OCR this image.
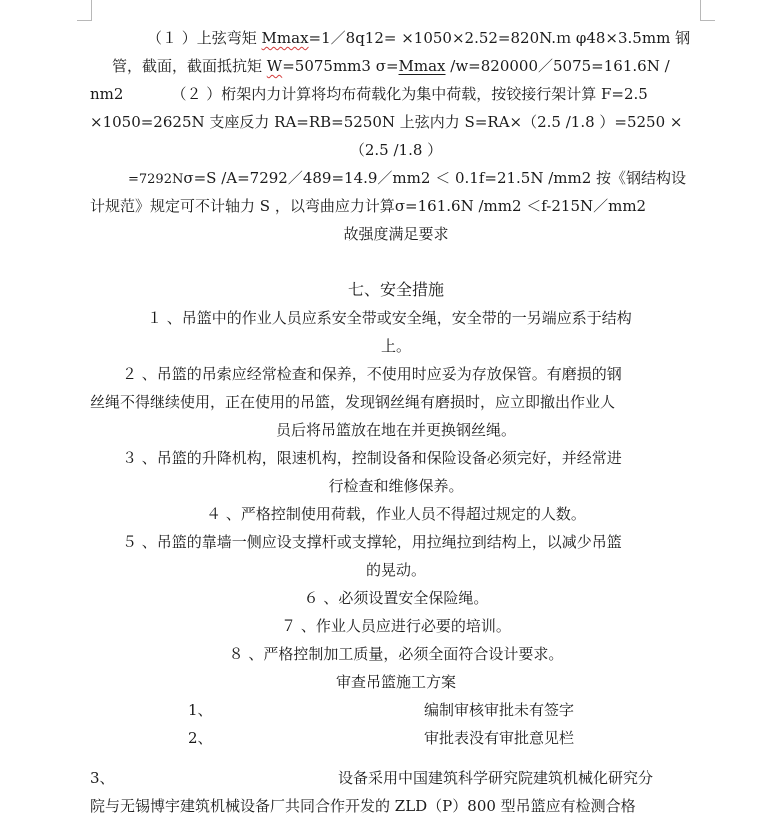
（１ ）上弦弯矩 Mmax=1／8q12= ×1050×2.52=820N.ｍ φ48×3.5mm 钢
管，截面，截面抵抗矩 W=5075mm3 σ=Mmax /w=820000／5075=161.6N /
nm2	（２ ）桁架内力计算将均布荷载化为集中荷载，按铰接行架计算 F=2.5
×1050=2625N 支座反力 RA=RB=5250N 上弦内力 S=RA×（2.5 /1.8 ）=5250 ×
（2.5 /1.8 ）
=7292Nσ=S /A=7292／489=14.9／mm2 ＜ 0.1f=21.5N /mm2 按《钢结构设
计规范》规定可不计轴力 S ，以弯曲应力计算σ=161.6N /mm2 ＜f-215N／mm2
故强度满足要求
七、安全措施
１ 、吊篮中的作业人员应系安全带或安全绳，安全带的一另端应系于结构
上。
２ 、吊篮的吊索应经常检查和保养，不使用时应妥为存放保管。有磨损的钢
丝绳不得继续使用，正在使用的吊篮，发现钢丝绳有磨损时，应立即撤出作业人
员后将吊篮放在地在并更换钢丝绳。
３ 、吊篮的升降机构，限速机构，控制设备和保险设备必须完好，并经常进
行检查和维修保养。
４ 、严格控制使用荷载，作业人员不得超过规定的人数。
５ 、吊篮的靠墙一侧应设支撑杆或支撑轮，用拉绳拉到结构上，以减少吊篮
的晃动。
６ 、必须设置安全保险绳。
７ 、作业人员应进行必要的培训。
８ 、严格控制加工质量，必须全面符合设计要求。
审查吊篮施工方案
1、	编制审核审批未有签字
2、	审批表没有审批意见栏
3、	设备采用中国建筑科学研究院建筑机械化研究分
院与无锡博宇建筑机械设备厂共同合作开发的 ZLD（P）800 型吊篮应有检测合格
